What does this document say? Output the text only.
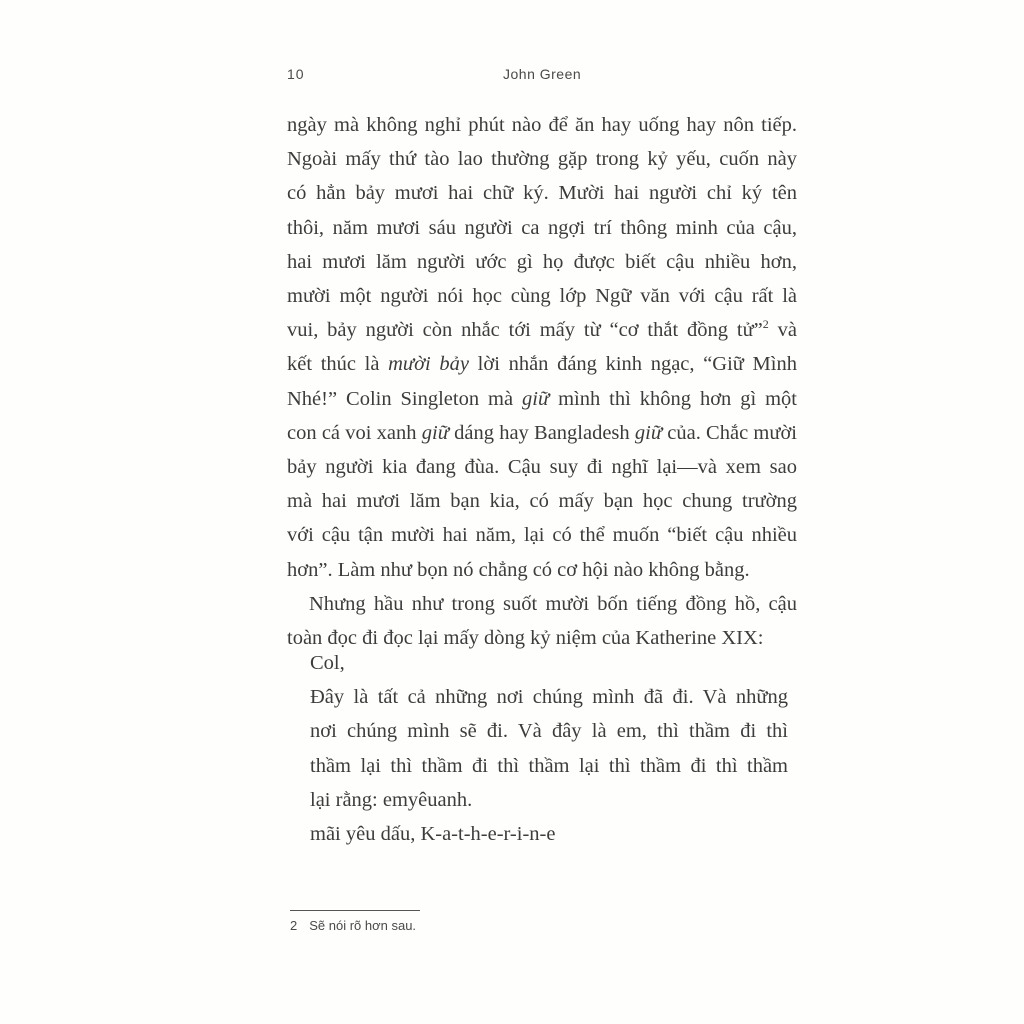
10	John Green
ngày mà không nghỉ phút nào để ăn hay uống hay nôn tiếp.
Ngoài mấy thứ tào lao thường gặp trong kỷ yếu, cuốn này
có hẳn bảy mươi hai chữ ký. Mười hai người chỉ ký tên
thôi, năm mươi sáu người ca ngợi trí thông minh của cậu,
hai mươi lăm người ước gì họ được biết cậu nhiều hơn,
mười một người nói học cùng lớp Ngữ văn với cậu rất là
vui, bảy người còn nhắc tới mấy từ “cơ thắt đồng tử”$^2$ và
kết thúc là mười bảy lời nhắn đáng kinh ngạc, “Giữ Mình
Nhé!” Colin Singleton mà giữ mình thì không hơn gì một
con cá voi xanh giữ dáng hay Bangladesh giữ của. Chắc mười
bảy người kia đang đùa. Cậu suy đi nghĩ lại—và xem sao
mà hai mươi lăm bạn kia, có mấy bạn học chung trường
với cậu tận mười hai năm, lại có thể muốn “biết cậu nhiều
hơn”. Làm như bọn nó chẳng có cơ hội nào không bằng.
Nhưng hầu như trong suốt mười bốn tiếng đồng hồ, cậu
toàn đọc đi đọc lại mấy dòng kỷ niệm của Katherine XIX:
Col,
Đây là tất cả những nơi chúng mình đã đi. Và những
nơi chúng mình sẽ đi. Và đây là em, thì thầm đi thì
thầm lại thì thầm đi thì thầm lại thì thầm đi thì thầm
lại rằng: emyêuanh.
mãi yêu dấu, K-a-t-h-e-r-i-n-e
2 Sẽ nói rõ hơn sau.
